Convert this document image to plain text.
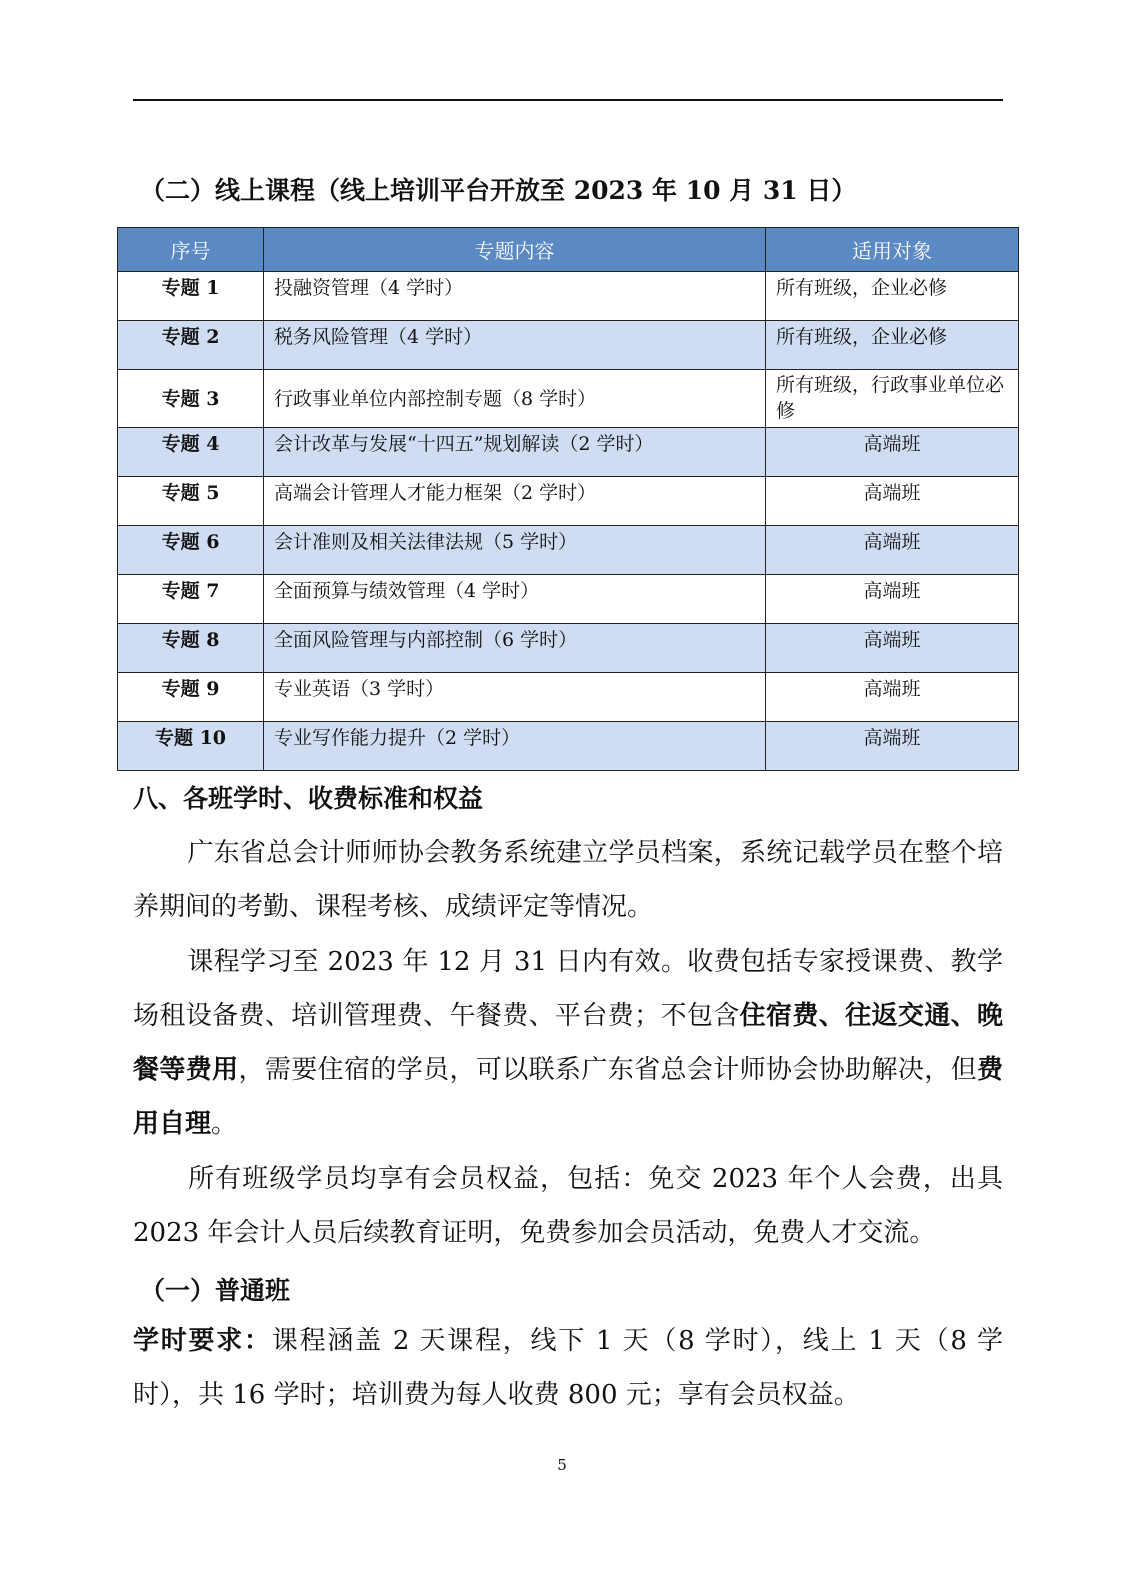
（二）线上课程（线上培训平台开放至 2023 年 10 月 31 日）
序号	专题内容	适用对象
专题 1	投融资管理（4 学时）	所有班级，企业必修
专题 2	税务风险管理（4 学时）	所有班级，企业必修
专题 3	行政事业单位内部控制专题（8 学时）	所有班级，行政事业单位必修
专题 4	会计改革与发展“十四五”规划解读（2 学时）	高端班
专题 5	高端会计管理人才能力框架（2 学时）	高端班
专题 6	会计准则及相关法律法规（5 学时）	高端班
专题 7	全面预算与绩效管理（4 学时）	高端班
专题 8	全面风险管理与内部控制（6 学时）	高端班
专题 9	专业英语（3 学时）	高端班
专题 10	专业写作能力提升（2 学时）	高端班
八、各班学时、收费标准和权益

广东省总会计师师协会教务系统建立学员档案，系统记载学员在整个培养期间的考勤、课程考核、成绩评定等情况。

课程学习至 2023 年 12 月 31 日内有效。收费包括专家授课费、教学场租设备费、培训管理费、午餐费、平台费；不包含住宿费、往返交通、晚餐等费用，需要住宿的学员，可以联系广东省总会计师协会协助解决，但费用自理。

所有班级学员均享有会员权益，包括：免交 2023 年个人会费，出具 2023 年会计人员后续教育证明，免费参加会员活动，免费人才交流。

（一）普通班

学时要求：课程涵盖 2 天课程，线下 1 天（8 学时），线上 1 天（8 学时），共 16 学时；培训费为每人收费 800 元；享有会员权益。

5
